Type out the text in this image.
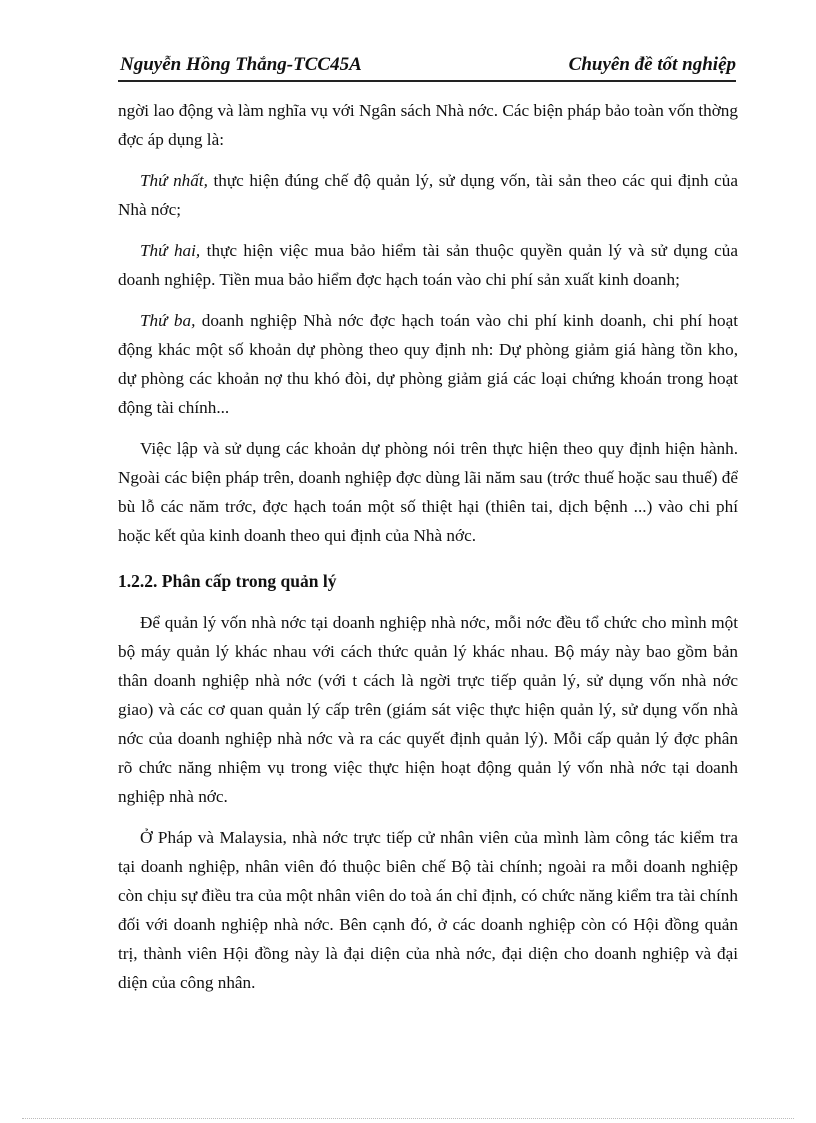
Nguyễn Hồng Thắng-TCC45A	Chuyên đề tốt nghiệp

ngời lao động và làm nghĩa vụ với Ngân sách Nhà nớc. Các biện pháp bảo toàn vốn thờng đợc áp dụng là:

Thứ nhất, thực hiện đúng chế độ quản lý, sử dụng vốn, tài sản theo các qui định của Nhà nớc;

Thứ hai, thực hiện việc mua bảo hiểm tài sản thuộc quyền quản lý và sử dụng của doanh nghiệp. Tiền mua bảo hiểm đợc hạch toán vào chi phí sản xuất kinh doanh;

Thứ ba, doanh nghiệp Nhà nớc đợc hạch toán vào chi phí kinh doanh, chi phí hoạt động khác một số khoản dự phòng theo quy định nh: Dự phòng giảm giá hàng tồn kho, dự phòng các khoản nợ thu khó đòi, dự phòng giảm giá các loại chứng khoán trong hoạt động tài chính...

Việc lập và sử dụng các khoản dự phòng nói trên thực hiện theo quy định hiện hành. Ngoài các biện pháp trên, doanh nghiệp đợc dùng lãi năm sau (trớc thuế hoặc sau thuế) để bù lỗ các năm trớc, đợc hạch toán một số thiệt hại (thiên tai, dịch bệnh ...) vào chi phí hoặc kết qủa kinh doanh theo qui định của Nhà nớc.

1.2.2. Phân cấp trong quản lý

Để quản lý vốn nhà nớc tại doanh nghiệp nhà nớc, mỗi nớc đều tổ chức cho mình một bộ máy quản lý khác nhau với cách thức quản lý khác nhau. Bộ máy này bao gồm bản thân doanh nghiệp nhà nớc (với t cách là ngời trực tiếp quản lý, sử dụng vốn nhà nớc giao) và các cơ quan quản lý cấp trên (giám sát việc thực hiện quản lý, sử dụng vốn nhà nớc của doanh nghiệp nhà nớc và ra các quyết định quản lý). Mỗi cấp quản lý đợc phân rõ chức năng nhiệm vụ trong việc thực hiện hoạt động quản lý vốn nhà nớc tại doanh nghiệp nhà nớc.

Ở Pháp và Malaysia, nhà nớc trực tiếp cử nhân viên của mình làm công tác kiểm tra tại doanh nghiệp, nhân viên đó thuộc biên chế Bộ tài chính; ngoài ra mỗi doanh nghiệp còn chịu sự điều tra của một nhân viên do toà án chỉ định, có chức năng kiểm tra tài chính đối với doanh nghiệp nhà nớc. Bên cạnh đó, ở các doanh nghiệp còn có Hội đồng quản trị, thành viên Hội đồng này là đại diện của nhà nớc, đại diện cho doanh nghiệp và đại diện của công nhân.
